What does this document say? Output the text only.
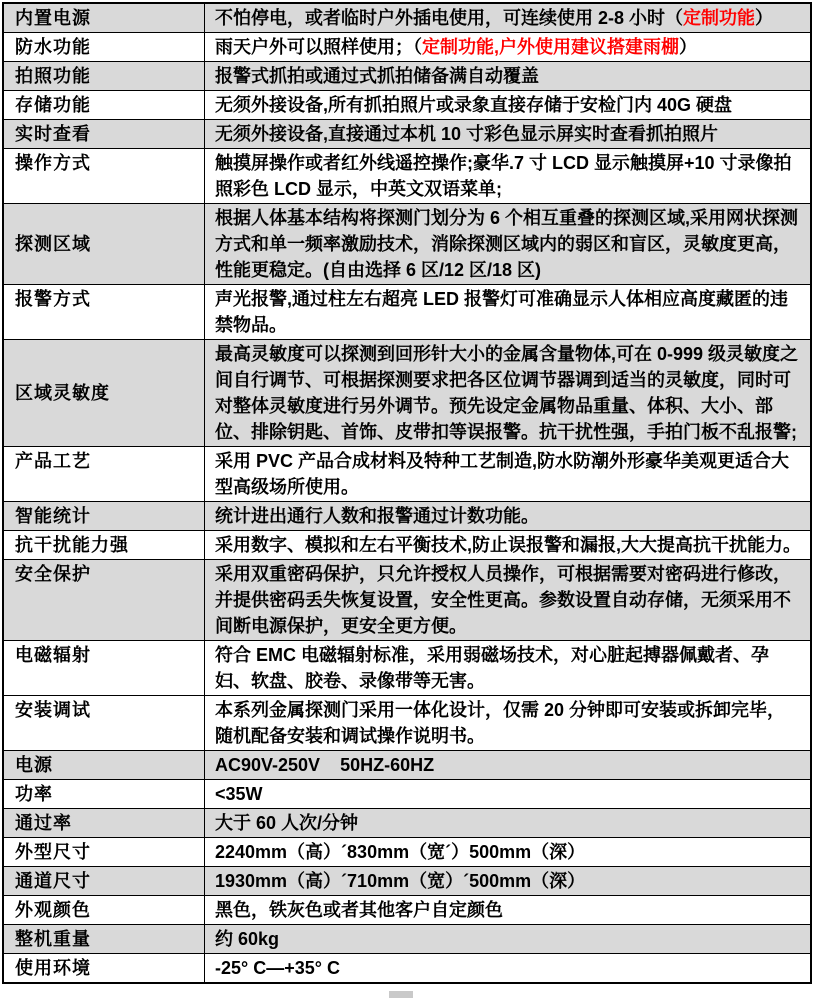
内置电源	不怕停电，或者临时户外插电使用，可连续使用 2-8 小时（定制功能）
防水功能	雨天户外可以照样使用；（定制功能,户外使用建议搭建雨棚）
拍照功能	报警式抓拍或通过式抓拍储备满自动覆盖
存储功能	无须外接设备,所有抓拍照片或录象直接存储于安检门内 40G 硬盘
实时查看	无须外接设备,直接通过本机 10 寸彩色显示屏实时查看抓拍照片
操作方式	触摸屏操作或者红外线遥控操作;豪华.7 寸 LCD 显示触摸屏+10 寸录像拍照彩色 LCD 显示，中英文双语菜单;
探测区域	根据人体基本结构将探测门划分为 6 个相互重叠的探测区域,采用网状探测方式和单一频率激励技术，消除探测区域内的弱区和盲区，灵敏度更高，性能更稳定。(自由选择 6 区/12 区/18 区)
报警方式	声光报警,通过柱左右超亮 LED 报警灯可准确显示人体相应高度藏匿的违禁物品。
区域灵敏度	最高灵敏度可以探测到回形针大小的金属含量物体,可在 0-999 级灵敏度之间自行调节、可根据探测要求把各区位调节器调到适当的灵敏度，同时可对整体灵敏度进行另外调节。预先设定金属物品重量、体积、大小、部位、排除钥匙、首饰、皮带扣等误报警。抗干扰性强，手拍门板不乱报警;
产品工艺	采用 PVC 产品合成材料及特种工艺制造,防水防潮外形豪华美观更适合大型高级场所使用。
智能统计	统计进出通行人数和报警通过计数功能。
抗干扰能力强	采用数字、模拟和左右平衡技术,防止误报警和漏报,大大提高抗干扰能力。
安全保护	采用双重密码保护，只允许授权人员操作，可根据需要对密码进行修改，并提供密码丢失恢复设置，安全性更高。参数设置自动存储，无须采用不间断电源保护，更安全更方便。
电磁辐射	符合 EMC 电磁辐射标准，采用弱磁场技术，对心脏起搏器佩戴者、孕妇、软盘、胶卷、录像带等无害。
安装调试	本系列金属探测门采用一体化设计，仅需 20 分钟即可安装或拆卸完毕，随机配备安装和调试操作说明书。
电源	AC90V-250V    50HZ-60HZ
功率	<35W
通过率	大于 60 人次/分钟
外型尺寸	2240mm（高）´830mm（宽´）500mm（深）
通道尺寸	1930mm（高）´710mm（宽）´500mm（深）
外观颜色	黑色，铁灰色或者其他客户自定颜色
整机重量	约 60kg
使用环境	-25° C—+35° C
